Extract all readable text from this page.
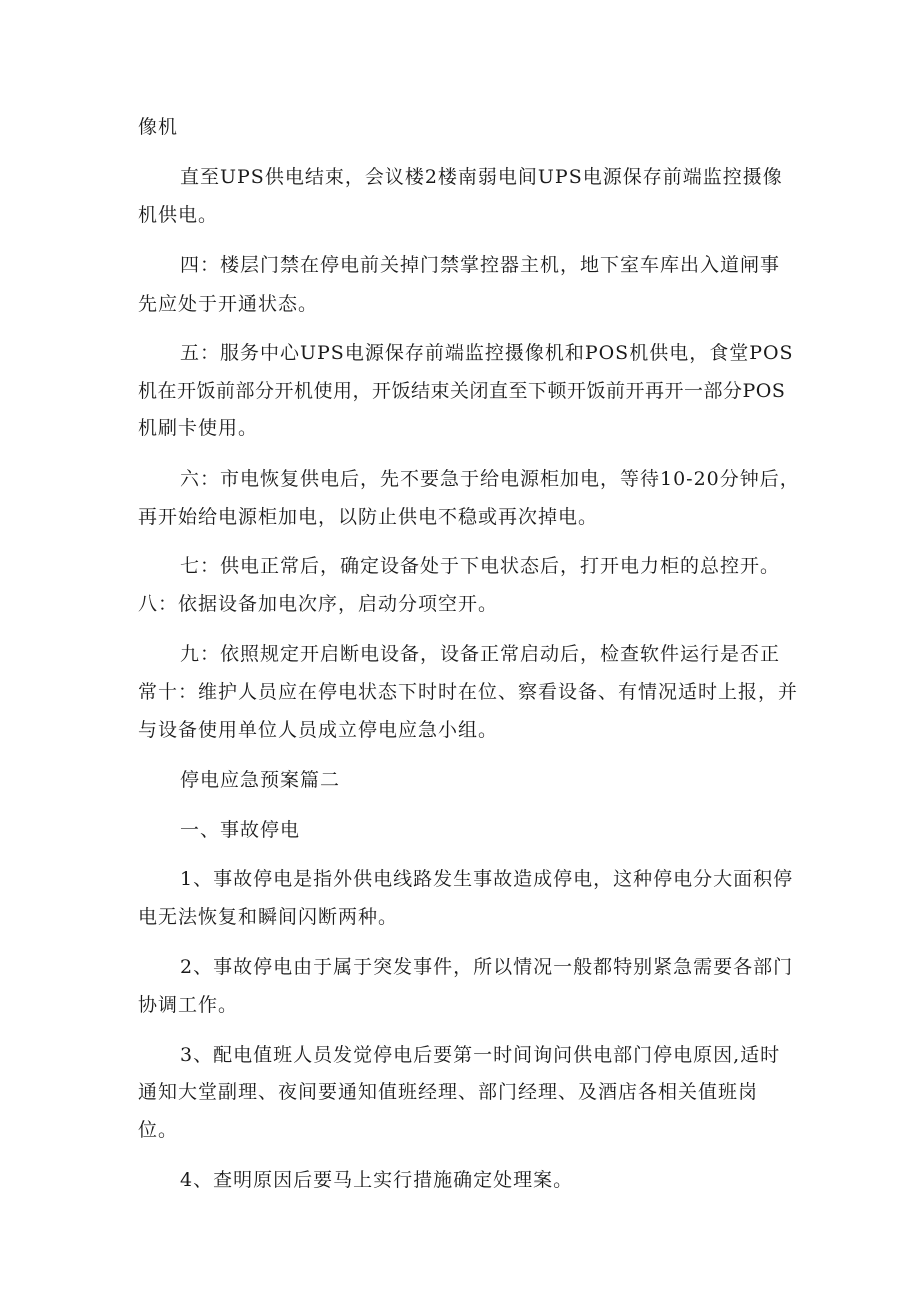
像机
直至UPS供电结束，会议楼2楼南弱电间UPS电源保存前端监控摄像
机供电。
四：楼层门禁在停电前关掉门禁掌控器主机，地下室车库出入道闸事
先应处于开通状态。
五：服务中心UPS电源保存前端监控摄像机和POS机供电，食堂POS
机在开饭前部分开机使用，开饭结束关闭直至下顿开饭前开再开一部分POS
机刷卡使用。
六：市电恢复供电后，先不要急于给电源柜加电，等待10-20分钟后，
再开始给电源柜加电，以防止供电不稳或再次掉电。
七：供电正常后，确定设备处于下电状态后，打开电力柜的总控开。
八：依据设备加电次序，启动分项空开。
九：依照规定开启断电设备，设备正常启动后，检查软件运行是否正
常十：维护人员应在停电状态下时时在位、察看设备、有情况适时上报，并
与设备使用单位人员成立停电应急小组。
停电应急预案篇二
一、事故停电
1、事故停电是指外供电线路发生事故造成停电，这种停电分大面积停
电无法恢复和瞬间闪断两种。
2、事故停电由于属于突发事件，所以情况一般都特别紧急需要各部门
协调工作。
3、配电值班人员发觉停电后要第一时间询问供电部门停电原因,适时
通知大堂副理、夜间要通知值班经理、部门经理、及酒店各相关值班岗
位。
4、查明原因后要马上实行措施确定处理案。
